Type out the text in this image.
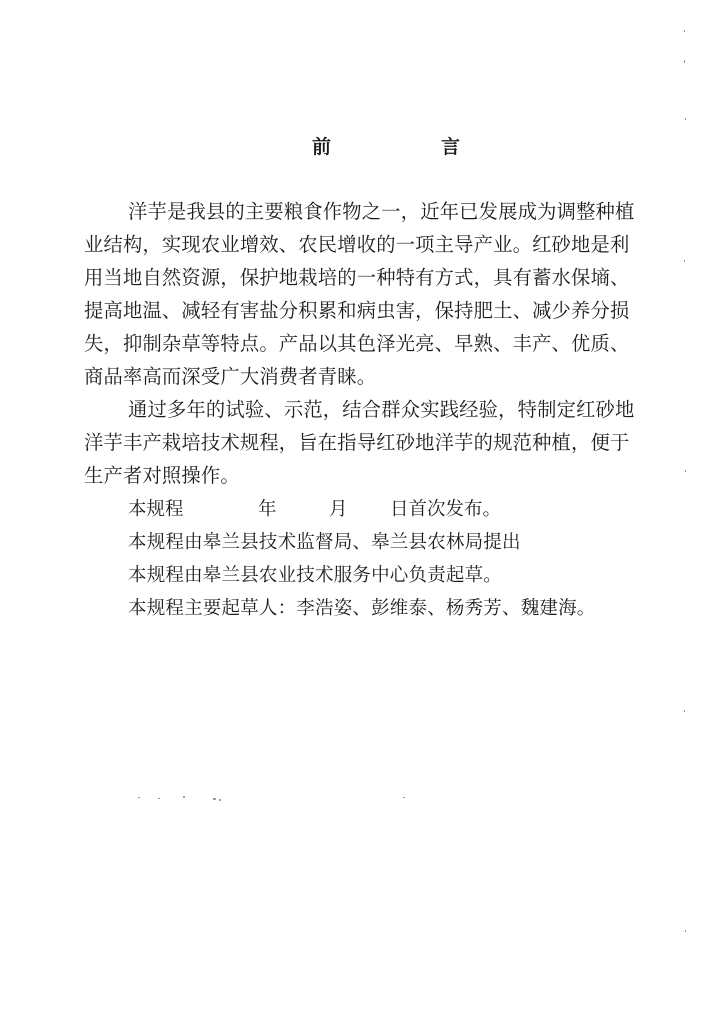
前	言
洋芋是我县的主要粮食作物之一，近年已发展成为调整种植
业结构，实现农业增效、农民增收的一项主导产业。红砂地是利
用当地自然资源，保护地栽培的一种特有方式，具有蓄水保墒、
提高地温、减轻有害盐分积累和病虫害，保持肥土、减少养分损
失，抑制杂草等特点。产品以其色泽光亮、早熟、丰产、优质、
商品率高而深受广大消费者青睐。
通过多年的试验、示范，结合群众实践经验，特制定红砂地
洋芋丰产栽培技术规程，旨在指导红砂地洋芋的规范种植，便于
生产者对照操作。
本规程	年	月 日首次发布。
本规程由皋兰县技术监督局、皋兰县农林局提出
本规程由皋兰县农业技术服务中心负责起草。
本规程主要起草人：李浩姿、彭维泰、杨秀芳、魏建海。
